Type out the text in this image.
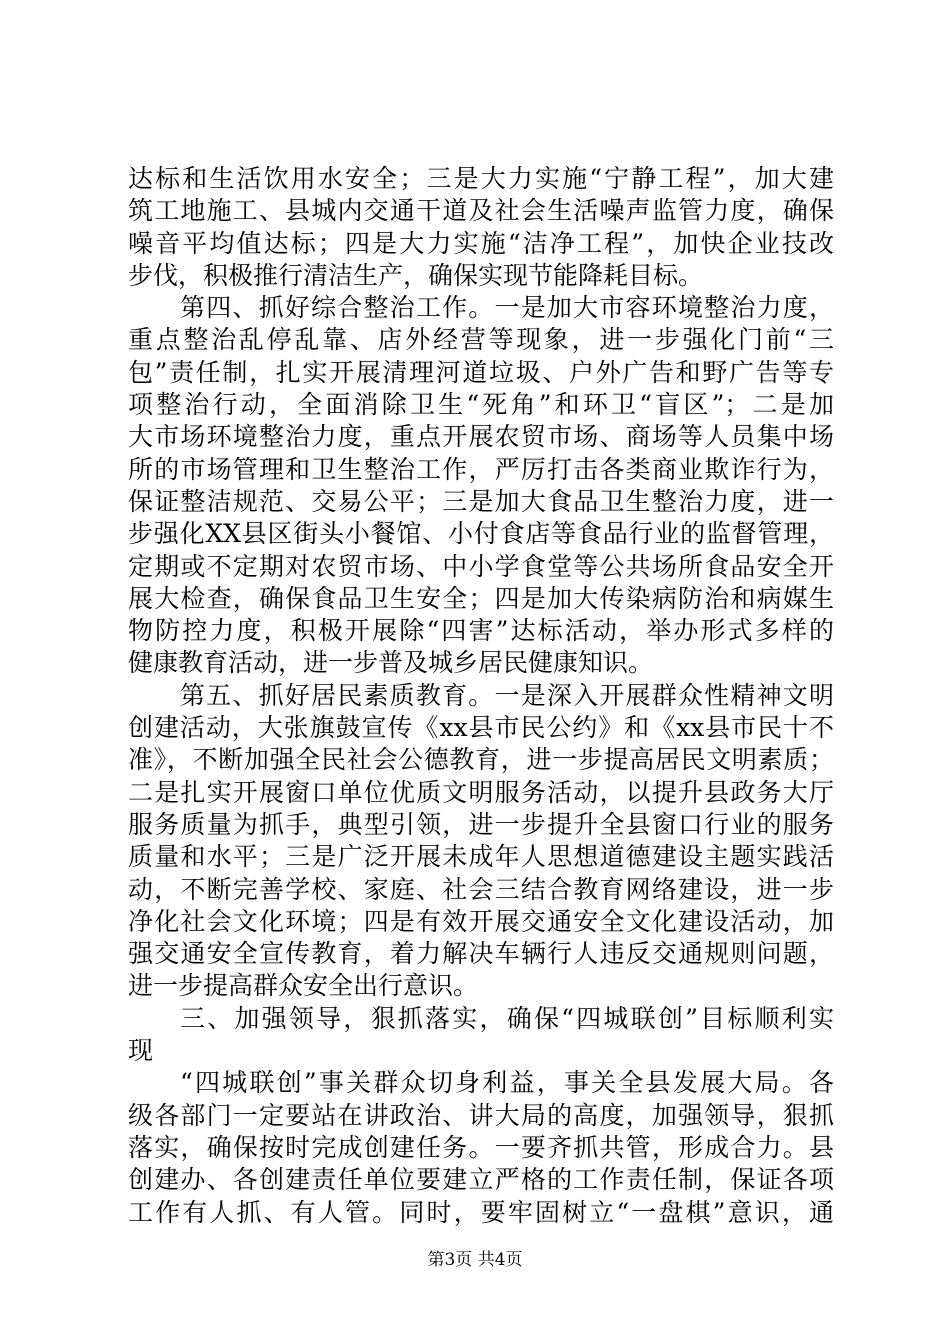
达标和生活饮用水安全；三是大力实施“宁静工程”，加大建
筑工地施工、县城内交通干道及社会生活噪声监管力度，确保
噪音平均值达标；四是大力实施“洁净工程”，加快企业技改
步伐，积极推行清洁生产，确保实现节能降耗目标。
第四、抓好综合整治工作。一是加大市容环境整治力度，
重点整治乱停乱靠、店外经营等现象，进一步强化门前“三
包”责任制，扎实开展清理河道垃圾、户外广告和野广告等专
项整治行动，全面消除卫生“死角”和环卫“盲区”；二是加
大市场环境整治力度，重点开展农贸市场、商场等人员集中场
所的市场管理和卫生整治工作，严厉打击各类商业欺诈行为，
保证整洁规范、交易公平；三是加大食品卫生整治力度，进一
步强化XX县区街头小餐馆、小付食店等食品行业的监督管理，
定期或不定期对农贸市场、中小学食堂等公共场所食品安全开
展大检查，确保食品卫生安全；四是加大传染病防治和病媒生
物防控力度，积极开展除“四害”达标活动，举办形式多样的
健康教育活动，进一步普及城乡居民健康知识。
第五、抓好居民素质教育。一是深入开展群众性精神文明
创建活动，大张旗鼓宣传《xx县市民公约》和《xx县市民十不
准》，不断加强全民社会公德教育，进一步提高居民文明素质；
二是扎实开展窗口单位优质文明服务活动，以提升县政务大厅
服务质量为抓手，典型引领，进一步提升全县窗口行业的服务
质量和水平；三是广泛开展未成年人思想道德建设主题实践活
动，不断完善学校、家庭、社会三结合教育网络建设，进一步
净化社会文化环境；四是有效开展交通安全文化建设活动，加
强交通安全宣传教育，着力解决车辆行人违反交通规则问题，
进一步提高群众安全出行意识。
三、加强领导，狠抓落实，确保“四城联创”目标顺利实
现
“四城联创”事关群众切身利益，事关全县发展大局。各
级各部门一定要站在讲政治、讲大局的高度，加强领导，狠抓
落实，确保按时完成创建任务。一要齐抓共管，形成合力。县
创建办、各创建责任单位要建立严格的工作责任制，保证各项
工作有人抓、有人管。同时，要牢固树立“一盘棋”意识，通
第3页 共4页
